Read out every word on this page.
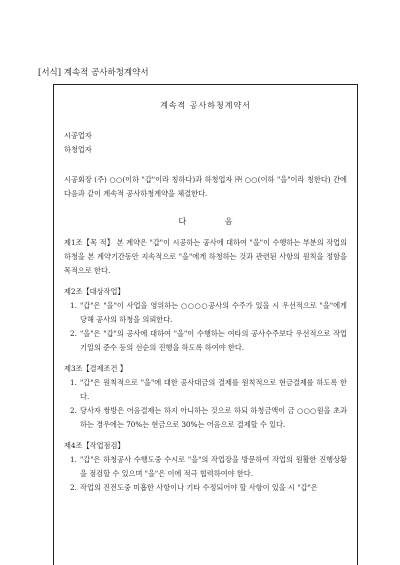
[서식] 계속적 공사하청계약서
계속적 공사하청계약서
시공업자
하청업자
시공회장 (주) ○○(이하 "갑"이라 칭하다)과 하청업자 ㈜ ○○(이하 "을"이라 칭한다) 간에 다음과 같이 계속적 공사하청계약을 체결한다.
다 음
제1조【목 적】 본 계약은 "갑"이 시공하는 공사에 대하여 "을"이 수행하는 부분의 작업의 하청을 본 계약기간동안 지속적으로 "을"에게 하청하는 것과 관련된 사항의 원칙을 정함을 목적으로 한다.
제2조【대상작업】
1. "갑"은 "을"이 사업을 영위하는 ○○○○공사의 수주가 있을 시 우선적으로 "을"에게 당해 공사의 하청을 의뢰한다.
2. "을"은 "갑"의 공사에 대하여 "을"이 수행하는 여타의 공사수주보다 우선적으로 작업기일의 준수 등의 선순의 진행을 하도록 하여야 한다.
제3조【결제조건 】
1. "갑"은 원칙적으로 "을"에 대한 공사대금의 결제를 원칙적으로 현금결제를 하도록 한다.
2. 당사자 쌍방은 어음결제는 하지 아니하는 것으로 하되 하청금액이 금 ○○○원을 초과하는 경우에는 70%는 현금으로 30%는 어음으로 결제할 수 있다.
제4조【작업점검】
1. "갑"은 하청공사 수행도중 수시로 "을"의 작업장을 방문하여 작업의 원활한 진행상황을 점검할 수 있으며 "을"은 이에 적극 협력하여야 한다.
2. 작업의 진전도중 미흡한 사항이나 기타 수정되어야 할 사항이 있을 시 "갑"은
